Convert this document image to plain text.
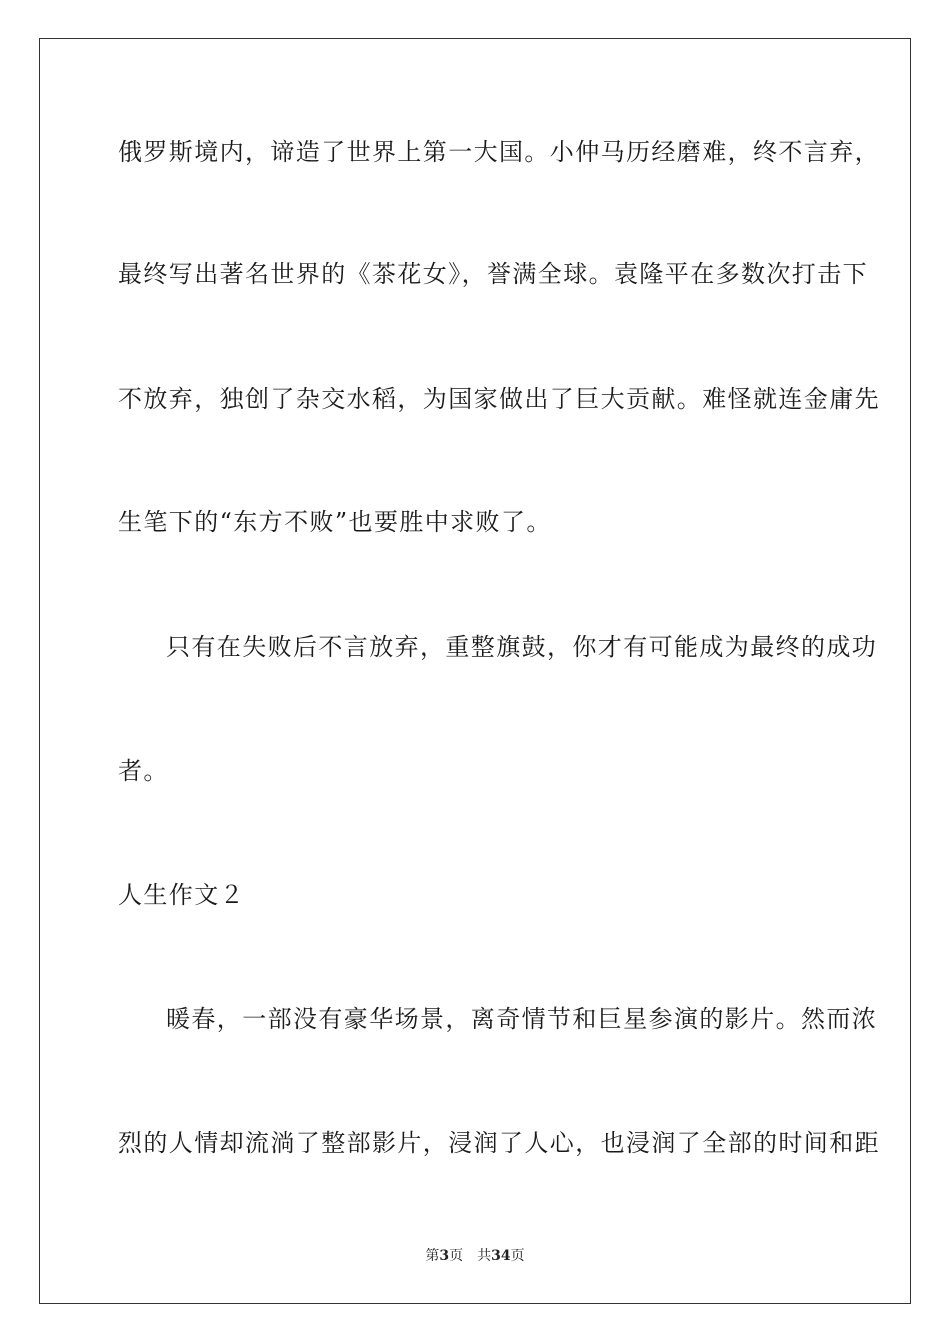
俄罗斯境内，谛造了世界上第一大国。小仲马历经磨难，终不言弃，
最终写出著名世界的《茶花女》，誉满全球。袁隆平在多数次打击下
不放弃，独创了杂交水稻，为国家做出了巨大贡献。难怪就连金庸先
生笔下的“东方不败”也要胜中求败了。
只有在失败后不言放弃，重整旗鼓，你才有可能成为最终的成功
者。
人生作文２
暖春，一部没有豪华场景，离奇情节和巨星参演的影片。然而浓
烈的人情却流淌了整部影片，浸润了人心，也浸润了全部的时间和距
第3页 共34页
